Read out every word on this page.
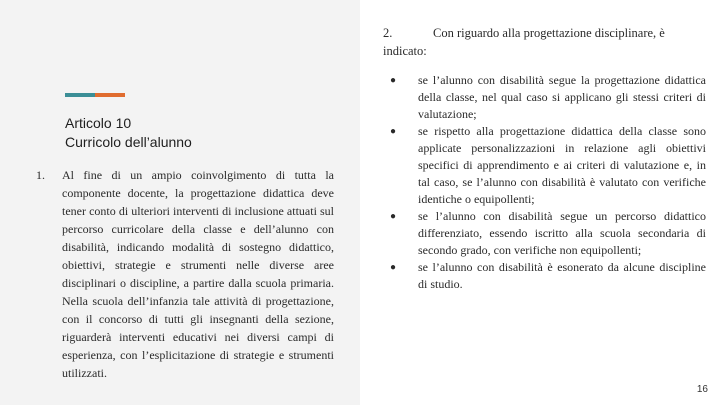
Articolo 10
Curricolo dell’alunno
1.	Al fine di un ampio coinvolgimento di tutta la componente docente, la progettazione didattica deve tener conto di ulteriori interventi di inclusione attuati sul percorso curricolare della classe e dell’alunno con disabilità, indicando modalità di sostegno didattico, obiettivi, strategie e strumenti nelle diverse aree disciplinari o discipline, a partire dalla scuola primaria. Nella scuola dell’infanzia tale attività di progettazione, con il concorso di tutti gli insegnanti della sezione, riguarderà interventi educativi nei diversi campi di esperienza, con l’esplicitazione di strategie e strumenti utilizzati.
2.	Con riguardo alla progettazione disciplinare, è indicato:
●	se l’alunno con disabilità segue la progettazione didattica della classe, nel qual caso si applicano gli stessi criteri di valutazione;
●	se rispetto alla progettazione didattica della classe sono applicate personalizzazioni in relazione agli obiettivi specifici di apprendimento e ai criteri di valutazione e, in tal caso, se l’alunno con disabilità è valutato con verifiche identiche o equipollenti;
●	se l’alunno con disabilità segue un percorso didattico differenziato, essendo iscritto alla scuola secondaria di secondo grado, con verifiche non equipollenti;
●	se l’alunno con disabilità è esonerato da alcune discipline di studio.
16
